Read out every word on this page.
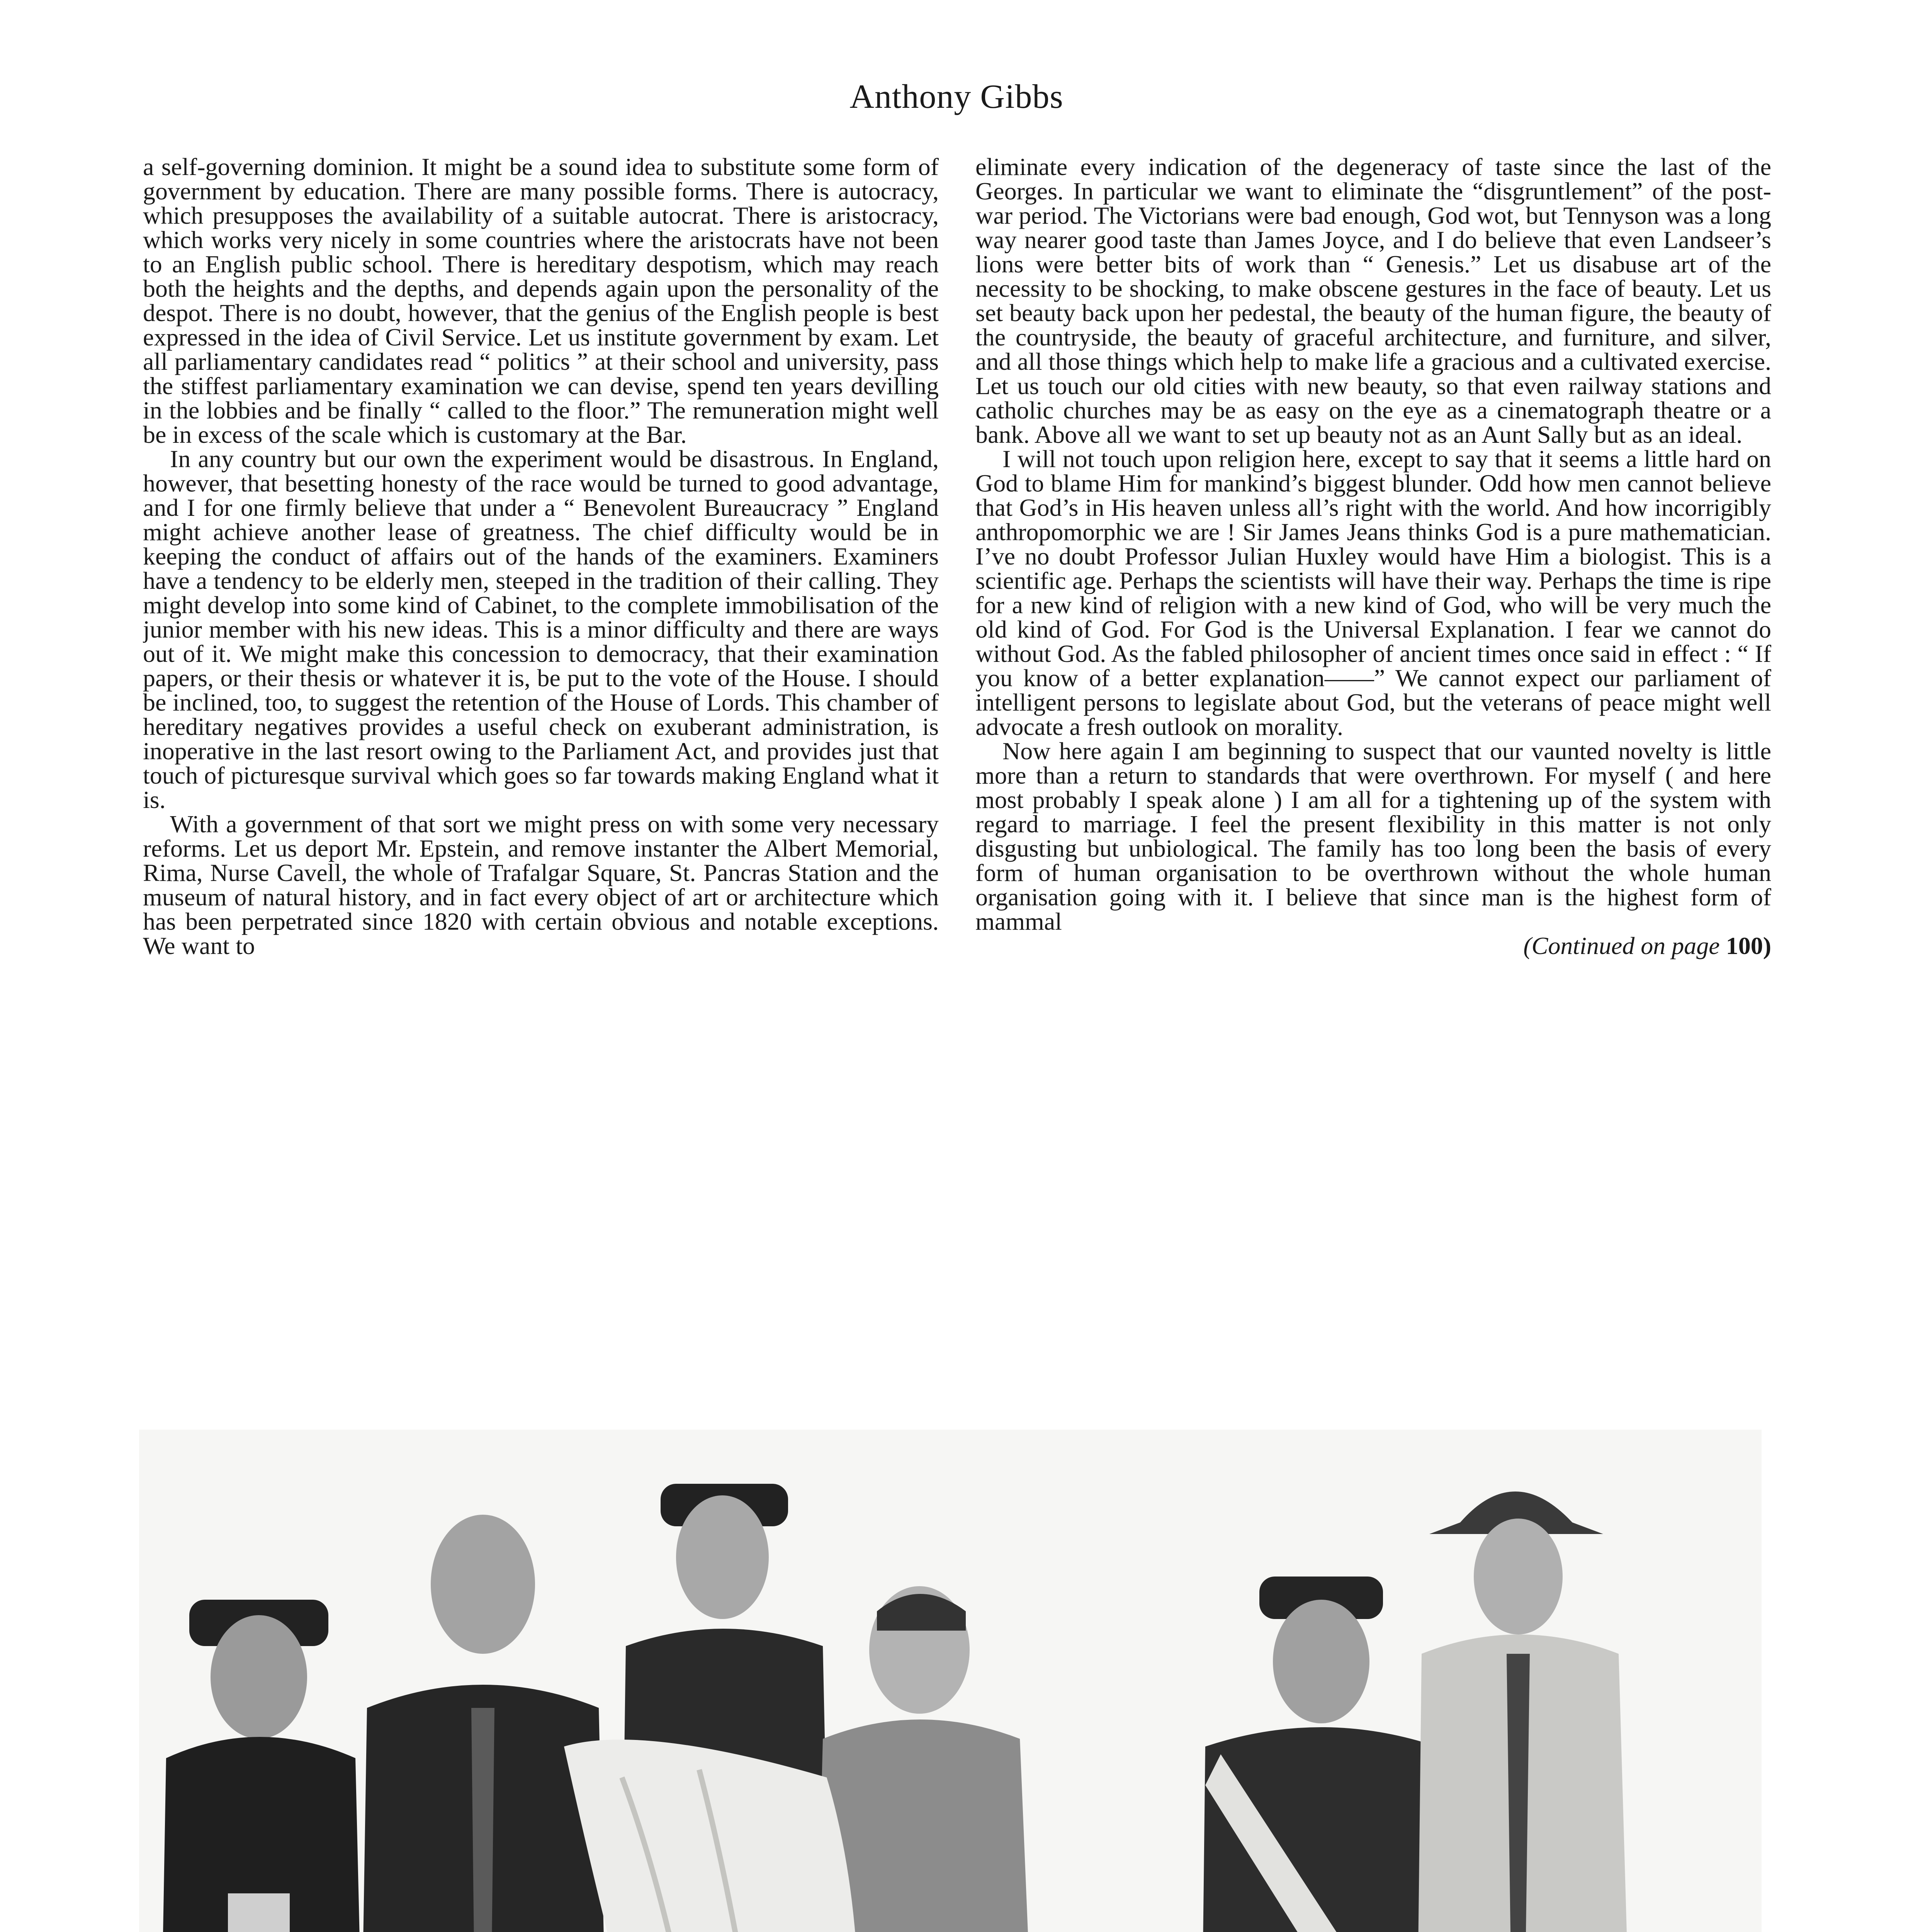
Anthony Gibbs

a self-governing dominion. It might be a sound idea to substitute some form of government by education. There are many possible forms. There is autocracy, which presupposes the availability of a suitable autocrat. There is aristocracy, which works very nicely in some countries where the aristocrats have not been to an English public school. There is hereditary despotism, which may reach both the heights and the depths, and depends again upon the personality of the despot. There is no doubt, however, that the genius of the English people is best expressed in the idea of Civil Service. Let us institute government by exam. Let all parliamentary candidates read “ politics ” at their school and university, pass the stiffest parliamentary examination we can devise, spend ten years devilling in the lobbies and be finally “ called to the floor.” The remuneration might well be in excess of the scale which is customary at the Bar.

In any country but our own the experiment would be disastrous. In England, however, that besetting honesty of the race would be turned to good advantage, and I for one firmly believe that under a “ Benevolent Bureaucracy ” England might achieve another lease of greatness. The chief difficulty would be in keeping the conduct of affairs out of the hands of the examiners. Examiners have a tendency to be elderly men, steeped in the tradition of their calling. They might develop into some kind of Cabinet, to the complete immobilisation of the junior member with his new ideas. This is a minor difficulty and there are ways out of it. We might make this concession to democracy, that their examination papers, or their thesis or whatever it is, be put to the vote of the House. I should be inclined, too, to suggest the retention of the House of Lords. This chamber of hereditary negatives provides a useful check on exuberant administration, is inoperative in the last resort owing to the Parliament Act, and provides just that touch of picturesque survival which goes so far towards making England what it is.

With a government of that sort we might press on with some very necessary reforms. Let us deport Mr. Epstein, and remove instanter the Albert Memorial, Rima, Nurse Cavell, the whole of Trafalgar Square, St. Pancras Station and the museum of natural history, and in fact every object of art or architecture which has been perpetrated since 1820 with certain obvious and notable exceptions. We want to

eliminate every indication of the degeneracy of taste since the last of the Georges. In particular we want to eliminate the “disgruntlement” of the post-war period. The Victorians were bad enough, God wot, but Tennyson was a long way nearer good taste than James Joyce, and I do believe that even Landseer’s lions were better bits of work than “ Genesis.” Let us disabuse art of the necessity to be shocking, to make obscene gestures in the face of beauty. Let us set beauty back upon her pedestal, the beauty of the human figure, the beauty of the countryside, the beauty of graceful architecture, and furniture, and silver, and all those things which help to make life a gracious and a cultivated exercise. Let us touch our old cities with new beauty, so that even railway stations and catholic churches may be as easy on the eye as a cinematograph theatre or a bank. Above all we want to set up beauty not as an Aunt Sally but as an ideal.

I will not touch upon religion here, except to say that it seems a little hard on God to blame Him for mankind’s biggest blunder. Odd how men cannot believe that God’s in His heaven unless all’s right with the world. And how incorrigibly anthropomorphic we are ! Sir James Jeans thinks God is a pure mathematician. I’ve no doubt Professor Julian Huxley would have Him a biologist. This is a scientific age. Perhaps the scientists will have their way. Perhaps the time is ripe for a new kind of religion with a new kind of God, who will be very much the old kind of God. For God is the Universal Explanation. I fear we cannot do without God. As the fabled philosopher of ancient times once said in effect : “ If you know of a better explanation——” We cannot expect our parliament of intelligent persons to legislate about God, but the veterans of peace might well advocate a fresh outlook on morality.

Now here again I am beginning to suspect that our vaunted novelty is little more than a return to standards that were overthrown. For myself ( and here most probably I speak alone ) I am all for a tightening up of the system with regard to marriage. I feel the present flexibility in this matter is not only disgusting but unbiological. The family has too long been the basis of every form of human organisation to be overthrown without the whole human organisation going with it. I believe that since man is the highest form of mammal

(Continued on page 100)
